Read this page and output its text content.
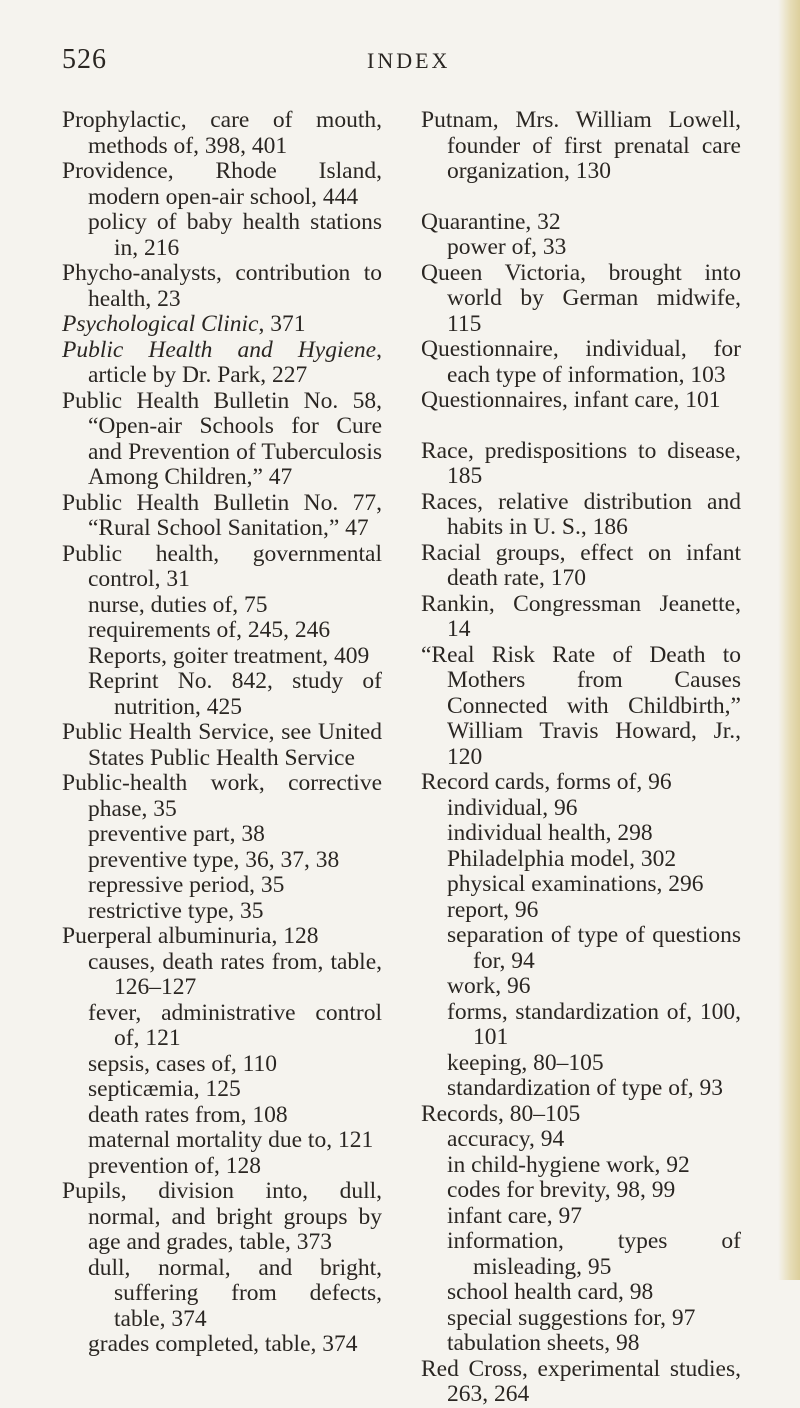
526	INDEX
Prophylactic, care of mouth, methods of, 398, 401
Providence, Rhode Island, modern open-air school, 444
policy of baby health stations in, 216
Phycho-analysts, contribution to health, 23
Psychological Clinic, 371
Public Health and Hygiene, article by Dr. Park, 227
Public Health Bulletin No. 58, “Open-air Schools for Cure and Prevention of Tuberculosis Among Children,” 47
Public Health Bulletin No. 77, “Rural School Sanitation,” 47
Public health, governmental control, 31
nurse, duties of, 75
requirements of, 245, 246
Reports, goiter treatment, 409
Reprint No. 842, study of nutrition, 425
Public Health Service, see United States Public Health Service
Public-health work, corrective phase, 35
preventive part, 38
preventive type, 36, 37, 38
repressive period, 35
restrictive type, 35
Puerperal albuminuria, 128
causes, death rates from, table, 126–127
fever, administrative control of, 121
sepsis, cases of, 110
septicæmia, 125
death rates from, 108
maternal mortality due to, 121
prevention of, 128
Pupils, division into, dull, normal, and bright groups by age and grades, table, 373
dull, normal, and bright, suffering from defects, table, 374
grades completed, table, 374
Putnam, Mrs. William Lowell, founder of first prenatal care organization, 130
Quarantine, 32
power of, 33
Queen Victoria, brought into world by German midwife, 115
Questionnaire, individual, for each type of information, 103
Questionnaires, infant care, 101
Race, predispositions to disease, 185
Races, relative distribution and habits in U. S., 186
Racial groups, effect on infant death rate, 170
Rankin, Congressman Jeanette, 14
“Real Risk Rate of Death to Mothers from Causes Connected with Childbirth,” William Travis Howard, Jr., 120
Record cards, forms of, 96
individual, 96
individual health, 298
Philadelphia model, 302
physical examinations, 296
report, 96
separation of type of questions for, 94
work, 96
forms, standardization of, 100, 101
keeping, 80–105
standardization of type of, 93
Records, 80–105
accuracy, 94
in child-hygiene work, 92
codes for brevity, 98, 99
infant care, 97
information, types of misleading, 95
school health card, 98
special suggestions for, 97
tabulation sheets, 98
Red Cross, experimental studies, 263, 264
